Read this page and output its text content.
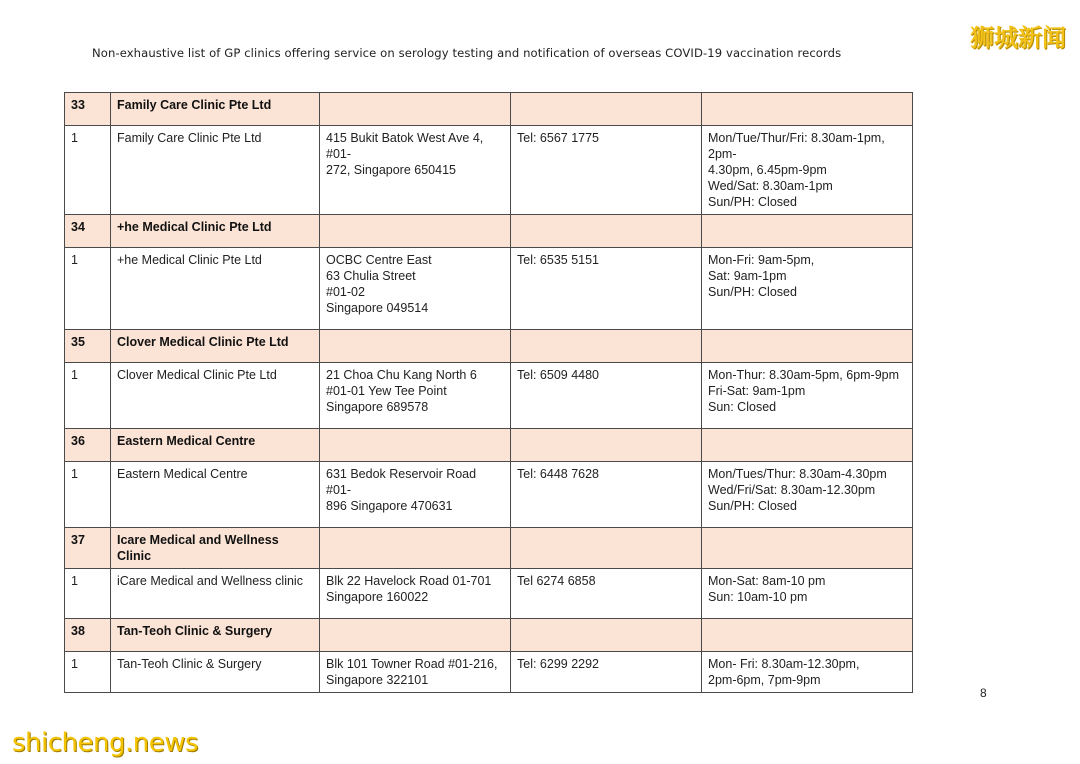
狮城新闻
Non-exhaustive list of GP clinics offering service on serology testing and notification of overseas COVID-19 vaccination records
33	Family Care Clinic Pte Ltd			
1	Family Care Clinic Pte Ltd	415 Bukit Batok West Ave 4, #01-
272, Singapore 650415	Tel: 6567 1775	Mon/Tue/Thur/Fri: 8.30am-1pm, 2pm-
4.30pm, 6.45pm-9pm
Wed/Sat: 8.30am-1pm
Sun/PH: Closed
34	+he Medical Clinic Pte Ltd			
1	+he Medical Clinic Pte Ltd	OCBC Centre East
63 Chulia Street
#01-02
Singapore 049514	Tel: 6535 5151	Mon-Fri: 9am-5pm,
Sat: 9am-1pm
Sun/PH: Closed
35	Clover Medical Clinic Pte Ltd			
1	Clover Medical Clinic Pte Ltd	21 Choa Chu Kang North 6
#01-01 Yew Tee Point
Singapore 689578	Tel: 6509 4480	Mon-Thur: 8.30am-5pm, 6pm-9pm
Fri-Sat: 9am-1pm
Sun: Closed
36	Eastern Medical Centre			
1	Eastern Medical Centre	631 Bedok Reservoir Road #01-
896 Singapore 470631	Tel: 6448 7628	Mon/Tues/Thur: 8.30am-4.30pm
Wed/Fri/Sat: 8.30am-12.30pm
Sun/PH: Closed
37	Icare Medical and Wellness Clinic			
1	iCare Medical and Wellness clinic	Blk 22 Havelock Road 01-701
Singapore 160022	Tel 6274 6858	Mon-Sat: 8am-10 pm
Sun: 10am-10 pm
38	Tan-Teoh Clinic & Surgery			
1	Tan-Teoh Clinic & Surgery	Blk 101 Towner Road #01-216,
Singapore 322101	Tel: 6299 2292	Mon- Fri: 8.30am-12.30pm,
2pm-6pm, 7pm-9pm
8
shicheng.news
